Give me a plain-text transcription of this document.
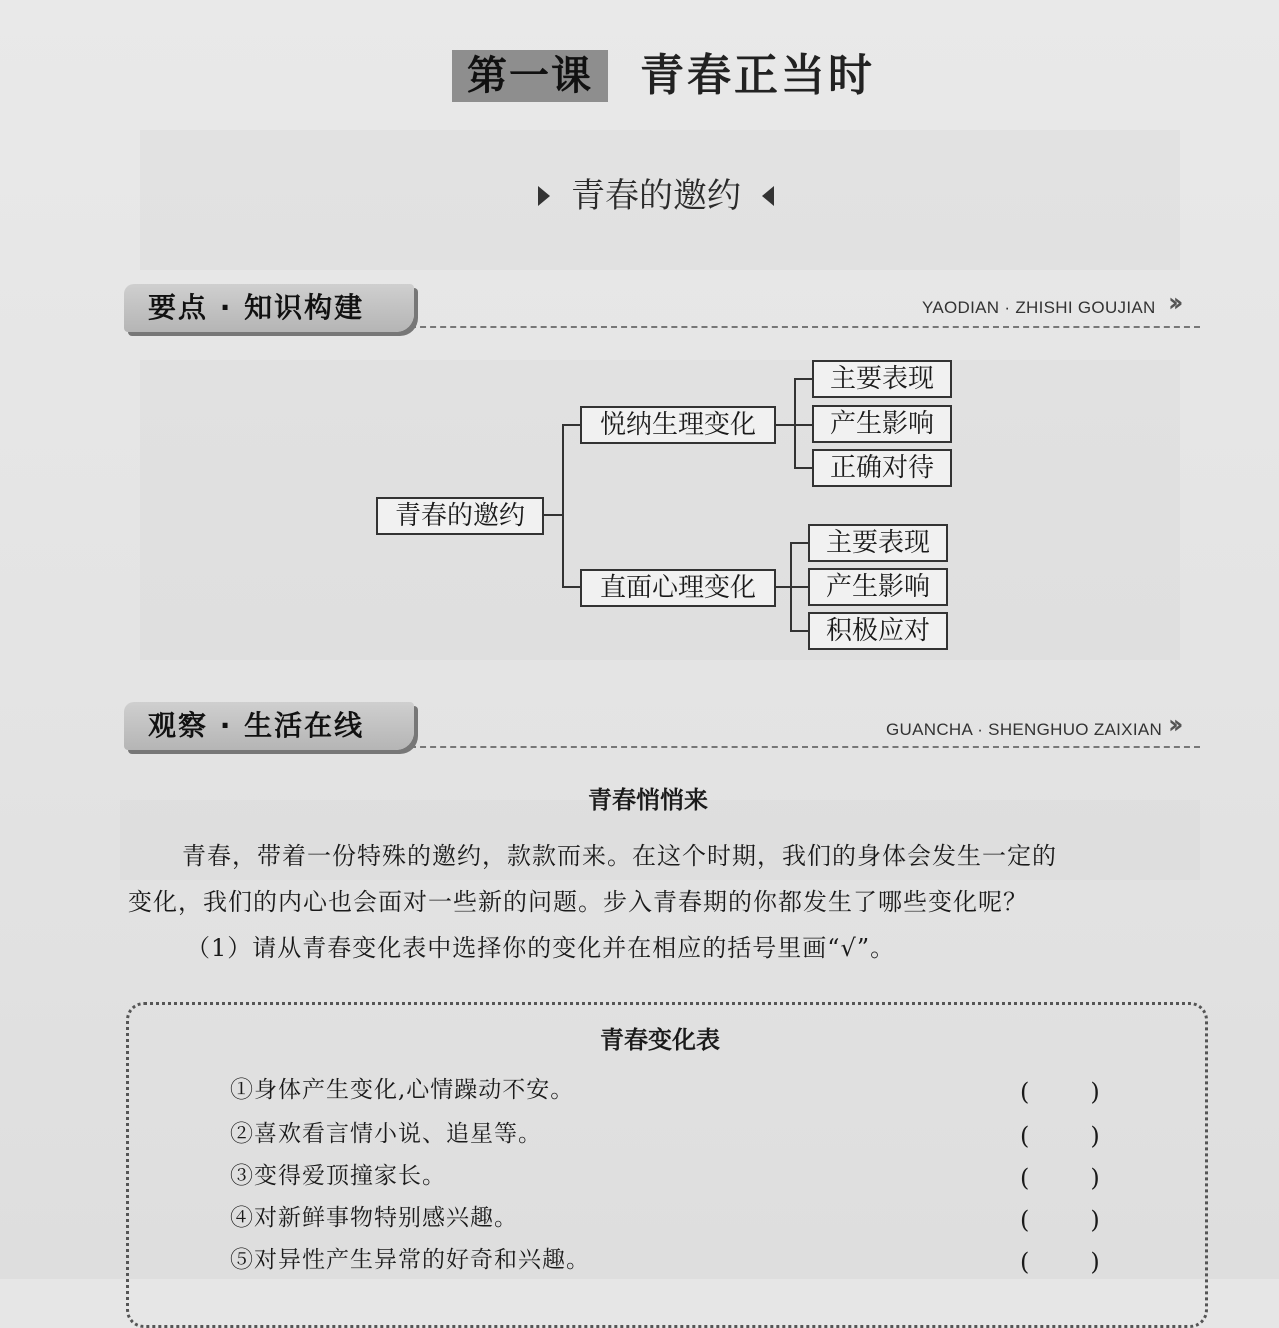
第一课	青春正当时
青春的邀约
要点 · 知识构建	YAODIAN · ZHISHI GOUJIAN ››
青春的邀约
悦纳生理变化
主要表现
产生影响
正确对待
直面心理变化
主要表现
产生影响
积极应对
观察 · 生活在线	GUANCHA · SHENGHUO ZAIXIAN ››
青春悄悄来
青春，带着一份特殊的邀约，款款而来。在这个时期，我们的身体会发生一定的
变化，我们的内心也会面对一些新的问题。步入青春期的你都发生了哪些变化呢？
（1）请从青春变化表中选择你的变化并在相应的括号里画“√”。
青春变化表
①身体产生变化,心情躁动不安。	(        )
②喜欢看言情小说、追星等。	(        )
③变得爱顶撞家长。	(        )
④对新鲜事物特别感兴趣。	(        )
⑤对异性产生异常的好奇和兴趣。	(        )
